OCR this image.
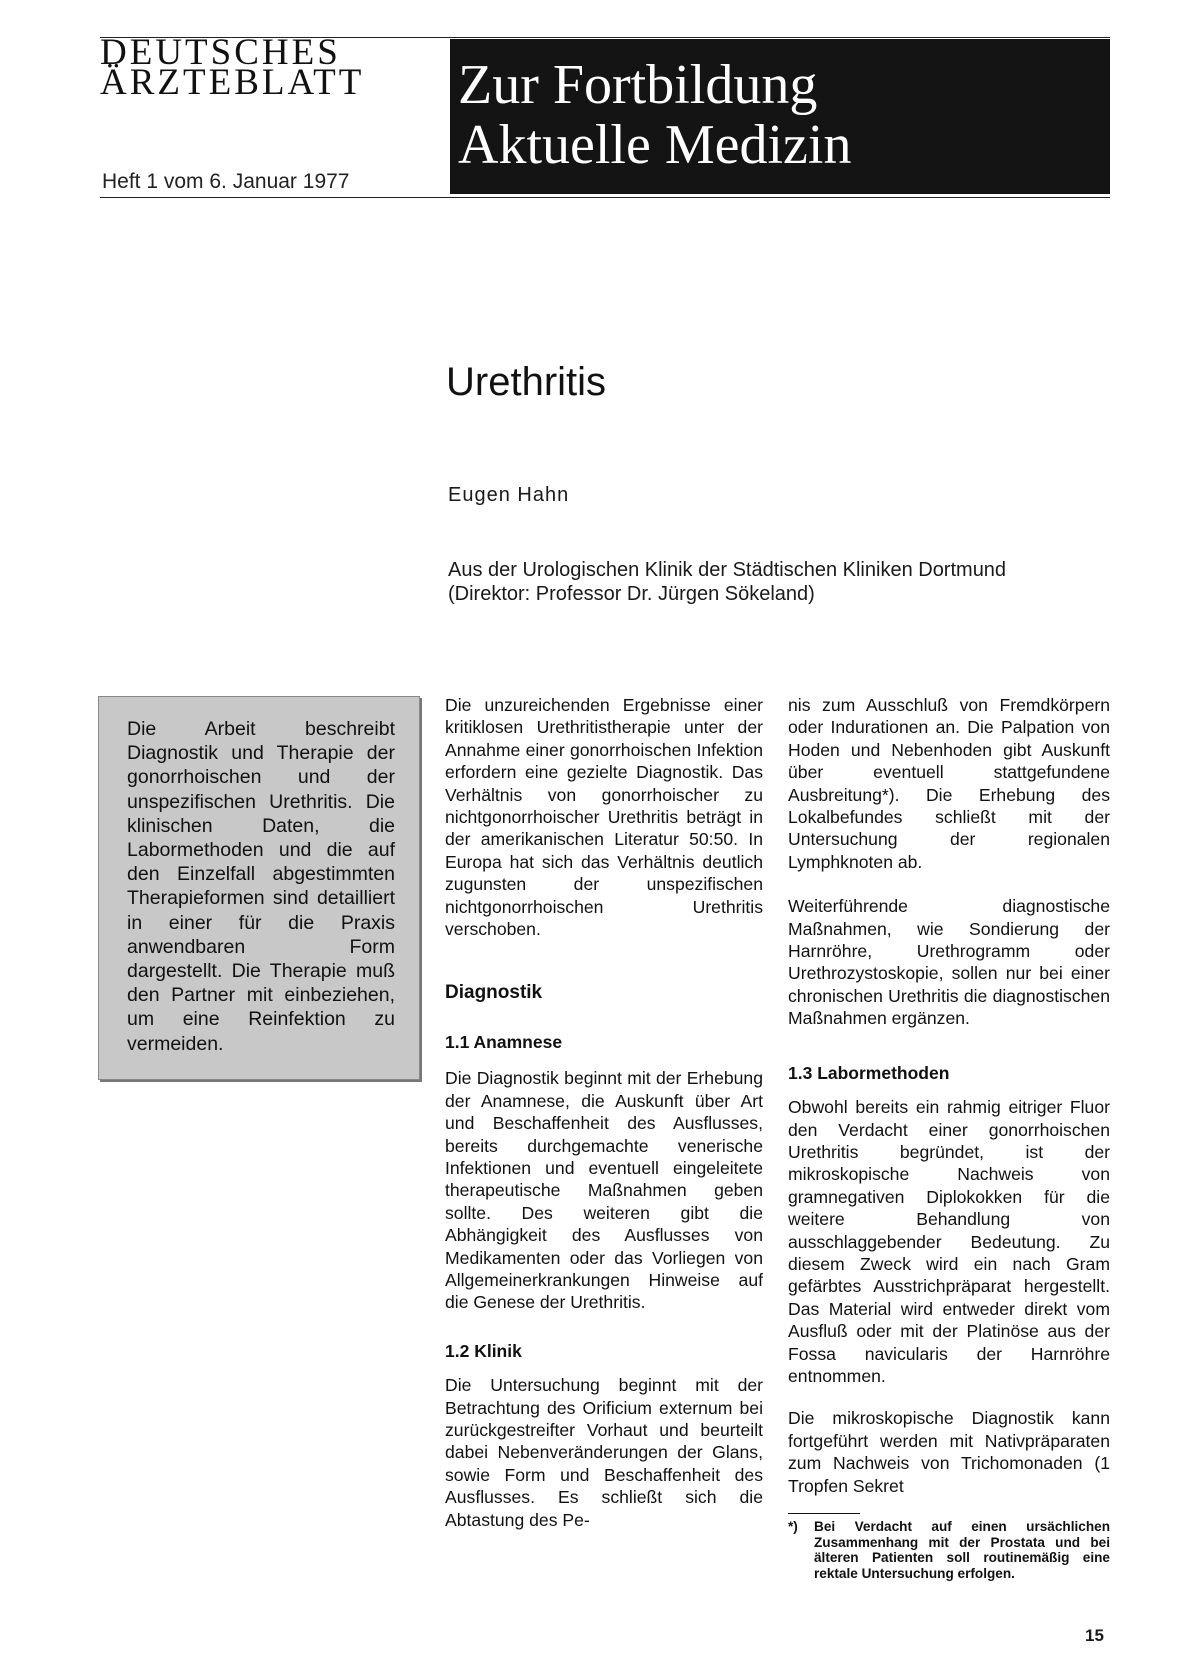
DEUTSCHES
ÄRZTEBLATT
Heft 1 vom 6. Januar 1977
Zur Fortbildung
Aktuelle Medizin
Urethritis
Eugen Hahn
Aus der Urologischen Klinik der Städtischen Kliniken Dortmund
(Direktor: Professor Dr. Jürgen Sökeland)

Die Arbeit beschreibt Diagnostik und Therapie der gonorrhoischen und der unspezifischen Urethritis. Die klinischen Daten, die Labormethoden und die auf den Einzelfall abgestimmten Therapieformen sind detailliert in einer für die Praxis anwendbaren Form dargestellt. Die Therapie muß den Partner mit einbeziehen, um eine Reinfektion zu vermeiden.

Die unzureichenden Ergebnisse einer kritiklosen Urethritistherapie unter der Annahme einer gonorrhoischen Infektion erfordern eine gezielte Diagnostik. Das Verhältnis von gonorrhoischer zu nichtgonorrhoischer Urethritis beträgt in der amerikanischen Literatur 50:50. In Europa hat sich das Verhältnis deutlich zugunsten der unspezifischen nichtgonorrhoischen Urethritis verschoben.

Diagnostik
1.1 Anamnese

Die Diagnostik beginnt mit der Erhebung der Anamnese, die Auskunft über Art und Beschaffenheit des Ausflusses, bereits durchgemachte venerische Infektionen und eventuell eingeleitete therapeutische Maßnahmen geben sollte. Des weiteren gibt die Abhängigkeit des Ausflusses von Medikamenten oder das Vorliegen von Allgemeinerkrankungen Hinweise auf die Genese der Urethritis.

1.2 Klinik

Die Untersuchung beginnt mit der Betrachtung des Orificium externum bei zurückgestreifter Vorhaut und beurteilt dabei Nebenveränderungen der Glans, sowie Form und Beschaffenheit des Ausflusses. Es schließt sich die Abtastung des Pe-

nis zum Ausschluß von Fremdkörpern oder Indurationen an. Die Palpation von Hoden und Nebenhoden gibt Auskunft über eventuell stattgefundene Ausbreitung*). Die Erhebung des Lokalbefundes schließt mit der Untersuchung der regionalen Lymphknoten ab.

Weiterführende diagnostische Maßnahmen, wie Sondierung der Harnröhre, Urethrogramm oder Urethrozystoskopie, sollen nur bei einer chronischen Urethritis die diagnostischen Maßnahmen ergänzen.

1.3 Labormethoden

Obwohl bereits ein rahmig eitriger Fluor den Verdacht einer gonorrhoischen Urethritis begründet, ist der mikroskopische Nachweis von gramnegativen Diplokokken für die weitere Behandlung von ausschlaggebender Bedeutung. Zu diesem Zweck wird ein nach Gram gefärbtes Ausstrichpräparat hergestellt. Das Material wird entweder direkt vom Ausfluß oder mit der Platinöse aus der Fossa navicularis der Harnröhre entnommen.

Die mikroskopische Diagnostik kann fortgeführt werden mit Nativpräparaten zum Nachweis von Trichomonaden (1 Tropfen Sekret

*) Bei Verdacht auf einen ursächlichen Zusammenhang mit der Prostata und bei älteren Patienten soll routinemäßig eine rektale Untersuchung erfolgen.

15
